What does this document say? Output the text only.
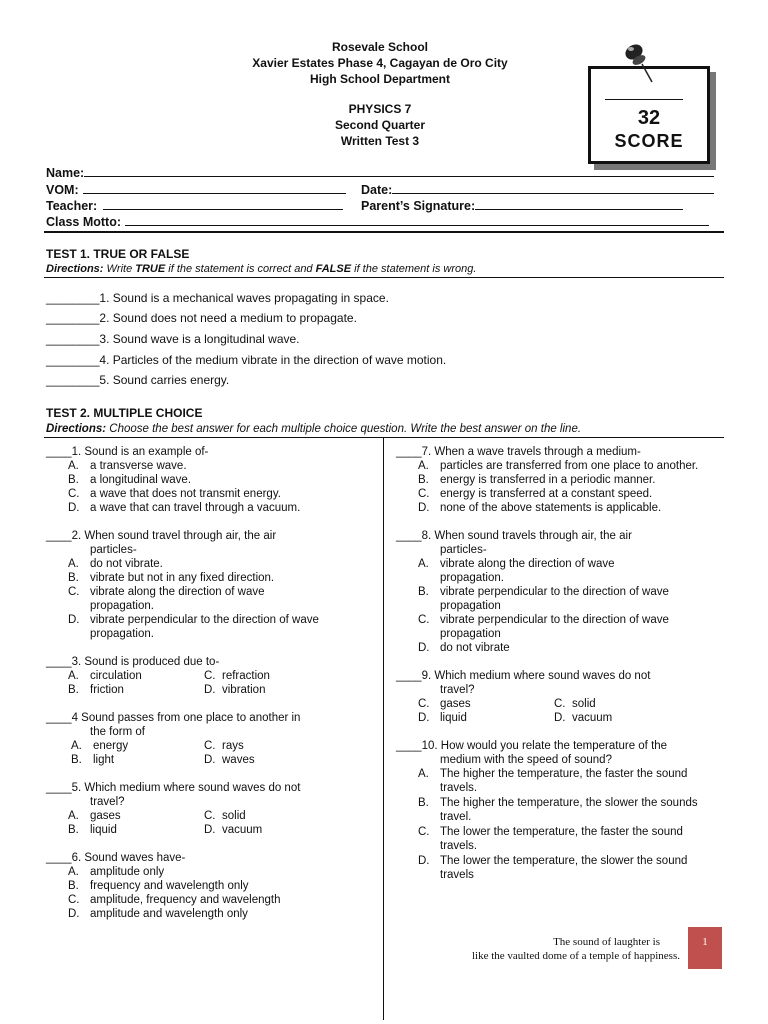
Rosevale School
Xavier Estates Phase 4, Cagayan de Oro City
High School Department
PHYSICS 7
Second Quarter
Written Test 3
32
SCORE
Name:
VOM:	Date:
Teacher:	Parent’s Signature:
Class Motto:
TEST 1. TRUE OR FALSE
Directions: Write TRUE if the statement is correct and FALSE if the statement is wrong.
________1. Sound is a mechanical waves propagating in space.
________2. Sound does not need a medium to propagate.
________3. Sound wave is a longitudinal wave.
________4. Particles of the medium vibrate in the direction of wave motion.
________5. Sound carries energy.
TEST 2. MULTIPLE CHOICE
Directions: Choose the best answer for each multiple choice question. Write the best answer on the line.
____1. Sound is an example of-
A. a transverse wave.
B. a longitudinal wave.
C. a wave that does not transmit energy.
D. a wave that can travel through a vacuum.
____2. When sound travel through air, the air
particles-
A. do not vibrate.
B. vibrate but not in any fixed direction.
C. vibrate along the direction of wave propagation.
D. vibrate perpendicular to the direction of wave propagation.
____3. Sound is produced due to-
A. circulation	C. refraction
B. friction	D. vibration
____4 Sound passes from one place to another in
the form of
A. energy	C. rays
B. light	D. waves
____5. Which medium where sound waves do not
travel?
A. gases	C. solid
B. liquid	D. vacuum
____6. Sound waves have-
A. amplitude only
B. frequency and wavelength only
C. amplitude, frequency and wavelength
D. amplitude and wavelength only
____7. When a wave travels through a medium-
A. particles are transferred from one place to another.
B. energy is transferred in a periodic manner.
C. energy is transferred at a constant speed.
D. none of the above statements is applicable.
____8. When sound travels through air, the air
particles-
A. vibrate along the direction of wave propagation.
B. vibrate perpendicular to the direction of wave propagation
C. vibrate perpendicular to the direction of wave propagation
D. do not vibrate
____9. Which medium where sound waves do not
travel?
C. gases	C. solid
D. liquid	D. vacuum
____10. How would you relate the temperature of the
medium with the speed of sound?
A. The higher the temperature, the faster the sound travels.
B. The higher the temperature, the slower the sounds travel.
C. The lower the temperature, the faster the sound travels.
D. The lower the temperature, the slower the sound travels
The sound of laughter is
like the vaulted dome of a temple of happiness.
1
